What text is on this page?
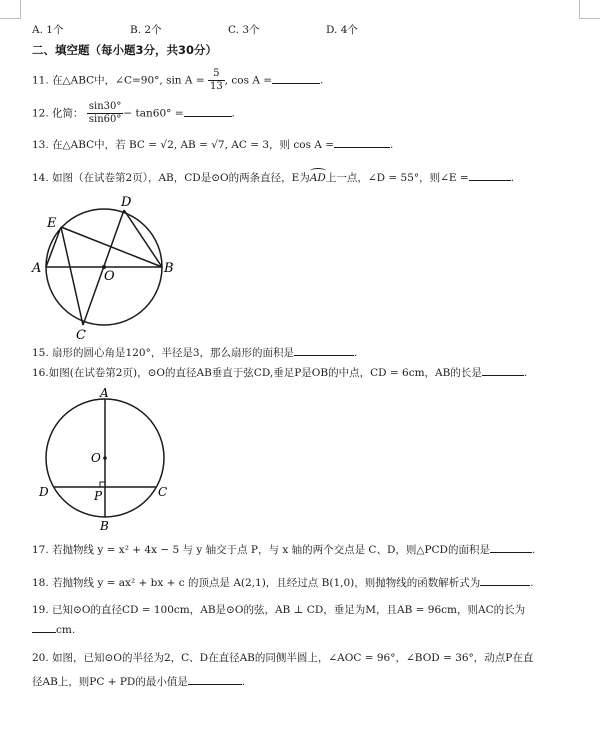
A. 1个	B. 2个	C. 3个	D. 4个
二、填空题（每小题3分，共30分）
11. 在△ABC中，∠C=90°, $\sin A = \frac{5}{13}$ , cos A =	.
12. 化简： $\frac{\sin 30^\circ}{\sin 60^\circ} - \tan 60^\circ$ =	.
13. 在△ABC中，若 BC = √2, AB = √7, AC = 3，则 cos A =	.
14. 如图（在试卷第2页），AB，CD是⊙O的两条直径，E为AD上一点，∠D = 55°，则∠E =	.
A	B
C
D
E
O
15. 扇形的圆心角是120°，半径是3，那么扇形的面积是	.
16.如图(在试卷第2页)，⊙O的直径AB垂直于弦CD,垂足P是OB的中点，CD = 6cm，AB的长是	.
A
B
C
D
O
P
17. 若抛物线 y = x² + 4x − 5 与 y 轴交于点 P，与 x 轴的两个交点是 C、D，则△PCD的面积是	.
18. 若抛物线 y = ax² + bx + c 的顶点是 A(2,1)，且经过点 B(1,0)，则抛物线的函数解析式为	.
19. 已知⊙O的直径CD = 100cm，AB是⊙O的弦，AB ⊥ CD，垂足为M，且AB = 96cm，则AC的长为
cm.
20. 如图，已知⊙O的半径为2，C、D在直径AB的同侧半圆上，∠AOC = 96°，∠BOD = 36°，动点P在直
径AB上，则PC + PD的最小值是	.
